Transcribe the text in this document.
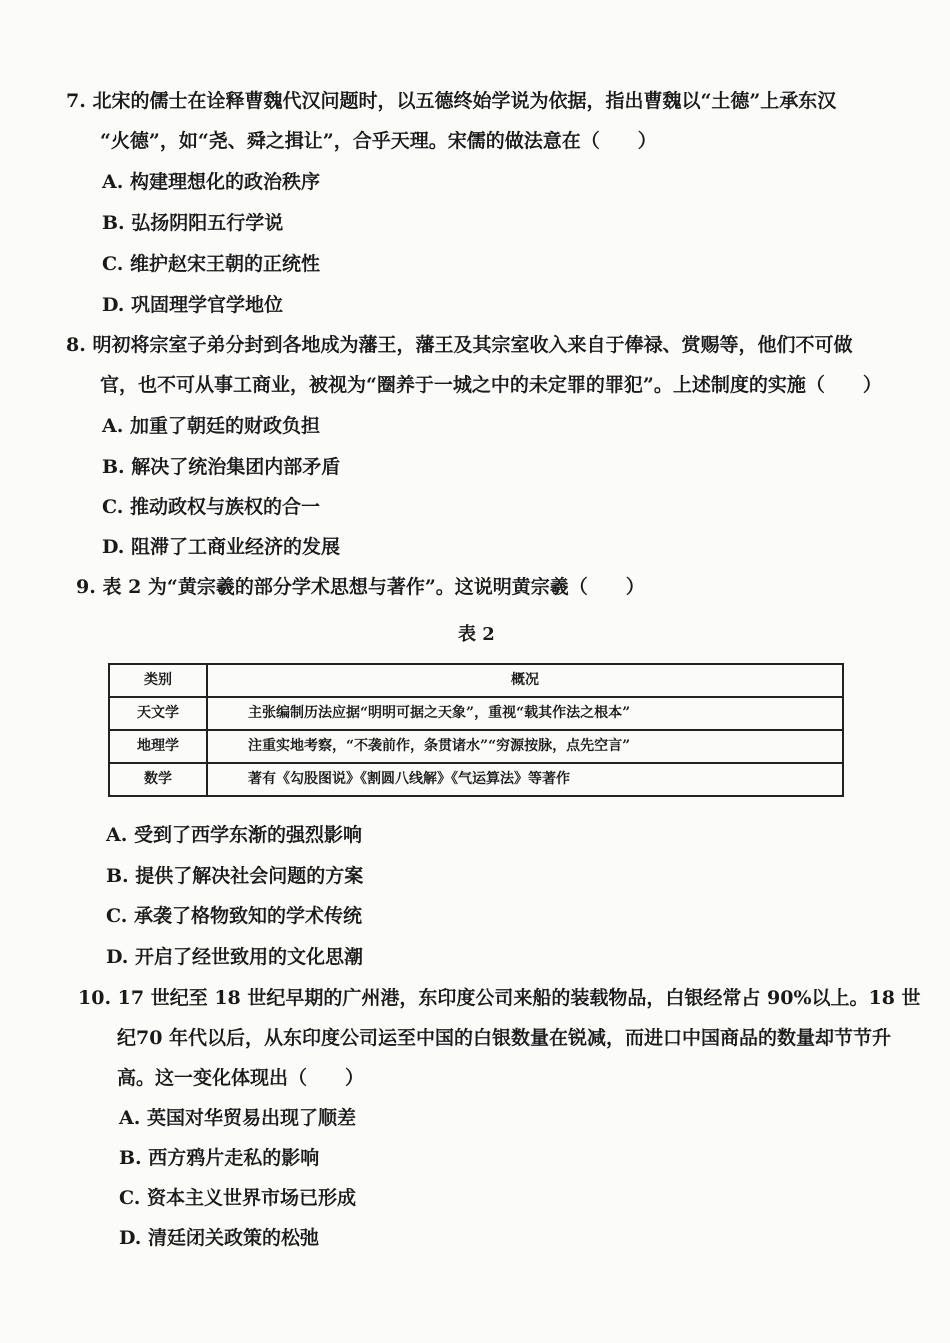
7. 北宋的儒士在诠释曹魏代汉问题时，以五德终始学说为依据，指出曹魏以“土德”上承东汉
“火德”，如“尧、舜之揖让”，合乎天理。宋儒的做法意在（　　）
A. 构建理想化的政治秩序
B. 弘扬阴阳五行学说
C. 维护赵宋王朝的正统性
D. 巩固理学官学地位
8. 明初将宗室子弟分封到各地成为藩王，藩王及其宗室收入来自于俸禄、赏赐等，他们不可做
官，也不可从事工商业，被视为“圈养于一城之中的未定罪的罪犯”。上述制度的实施（　　）
A. 加重了朝廷的财政负担
B. 解决了统治集团内部矛盾
C. 推动政权与族权的合一
D. 阻滞了工商业经济的发展
9. 表 2 为“黄宗羲的部分学术思想与著作”。这说明黄宗羲（　　）
表 2
类别	概况
天文学	主张编制历法应据“明明可据之天象”，重视“载其作法之根本”
地理学	注重实地考察，“不袭前作，条贯诸水”“穷源按脉，点先空言”
数学	著有《勾股图说》《割圆八线解》《气运算法》等著作
A. 受到了西学东渐的强烈影响
B. 提供了解决社会问题的方案
C. 承袭了格物致知的学术传统
D. 开启了经世致用的文化思潮
10. 17 世纪至 18 世纪早期的广州港，东印度公司来船的装载物品，白银经常占 90%以上。18 世
纪70 年代以后，从东印度公司运至中国的白银数量在锐减，而进口中国商品的数量却节节升
高。这一变化体现出（　　）
A. 英国对华贸易出现了顺差
B. 西方鸦片走私的影响
C. 资本主义世界市场已形成
D. 清廷闭关政策的松弛
